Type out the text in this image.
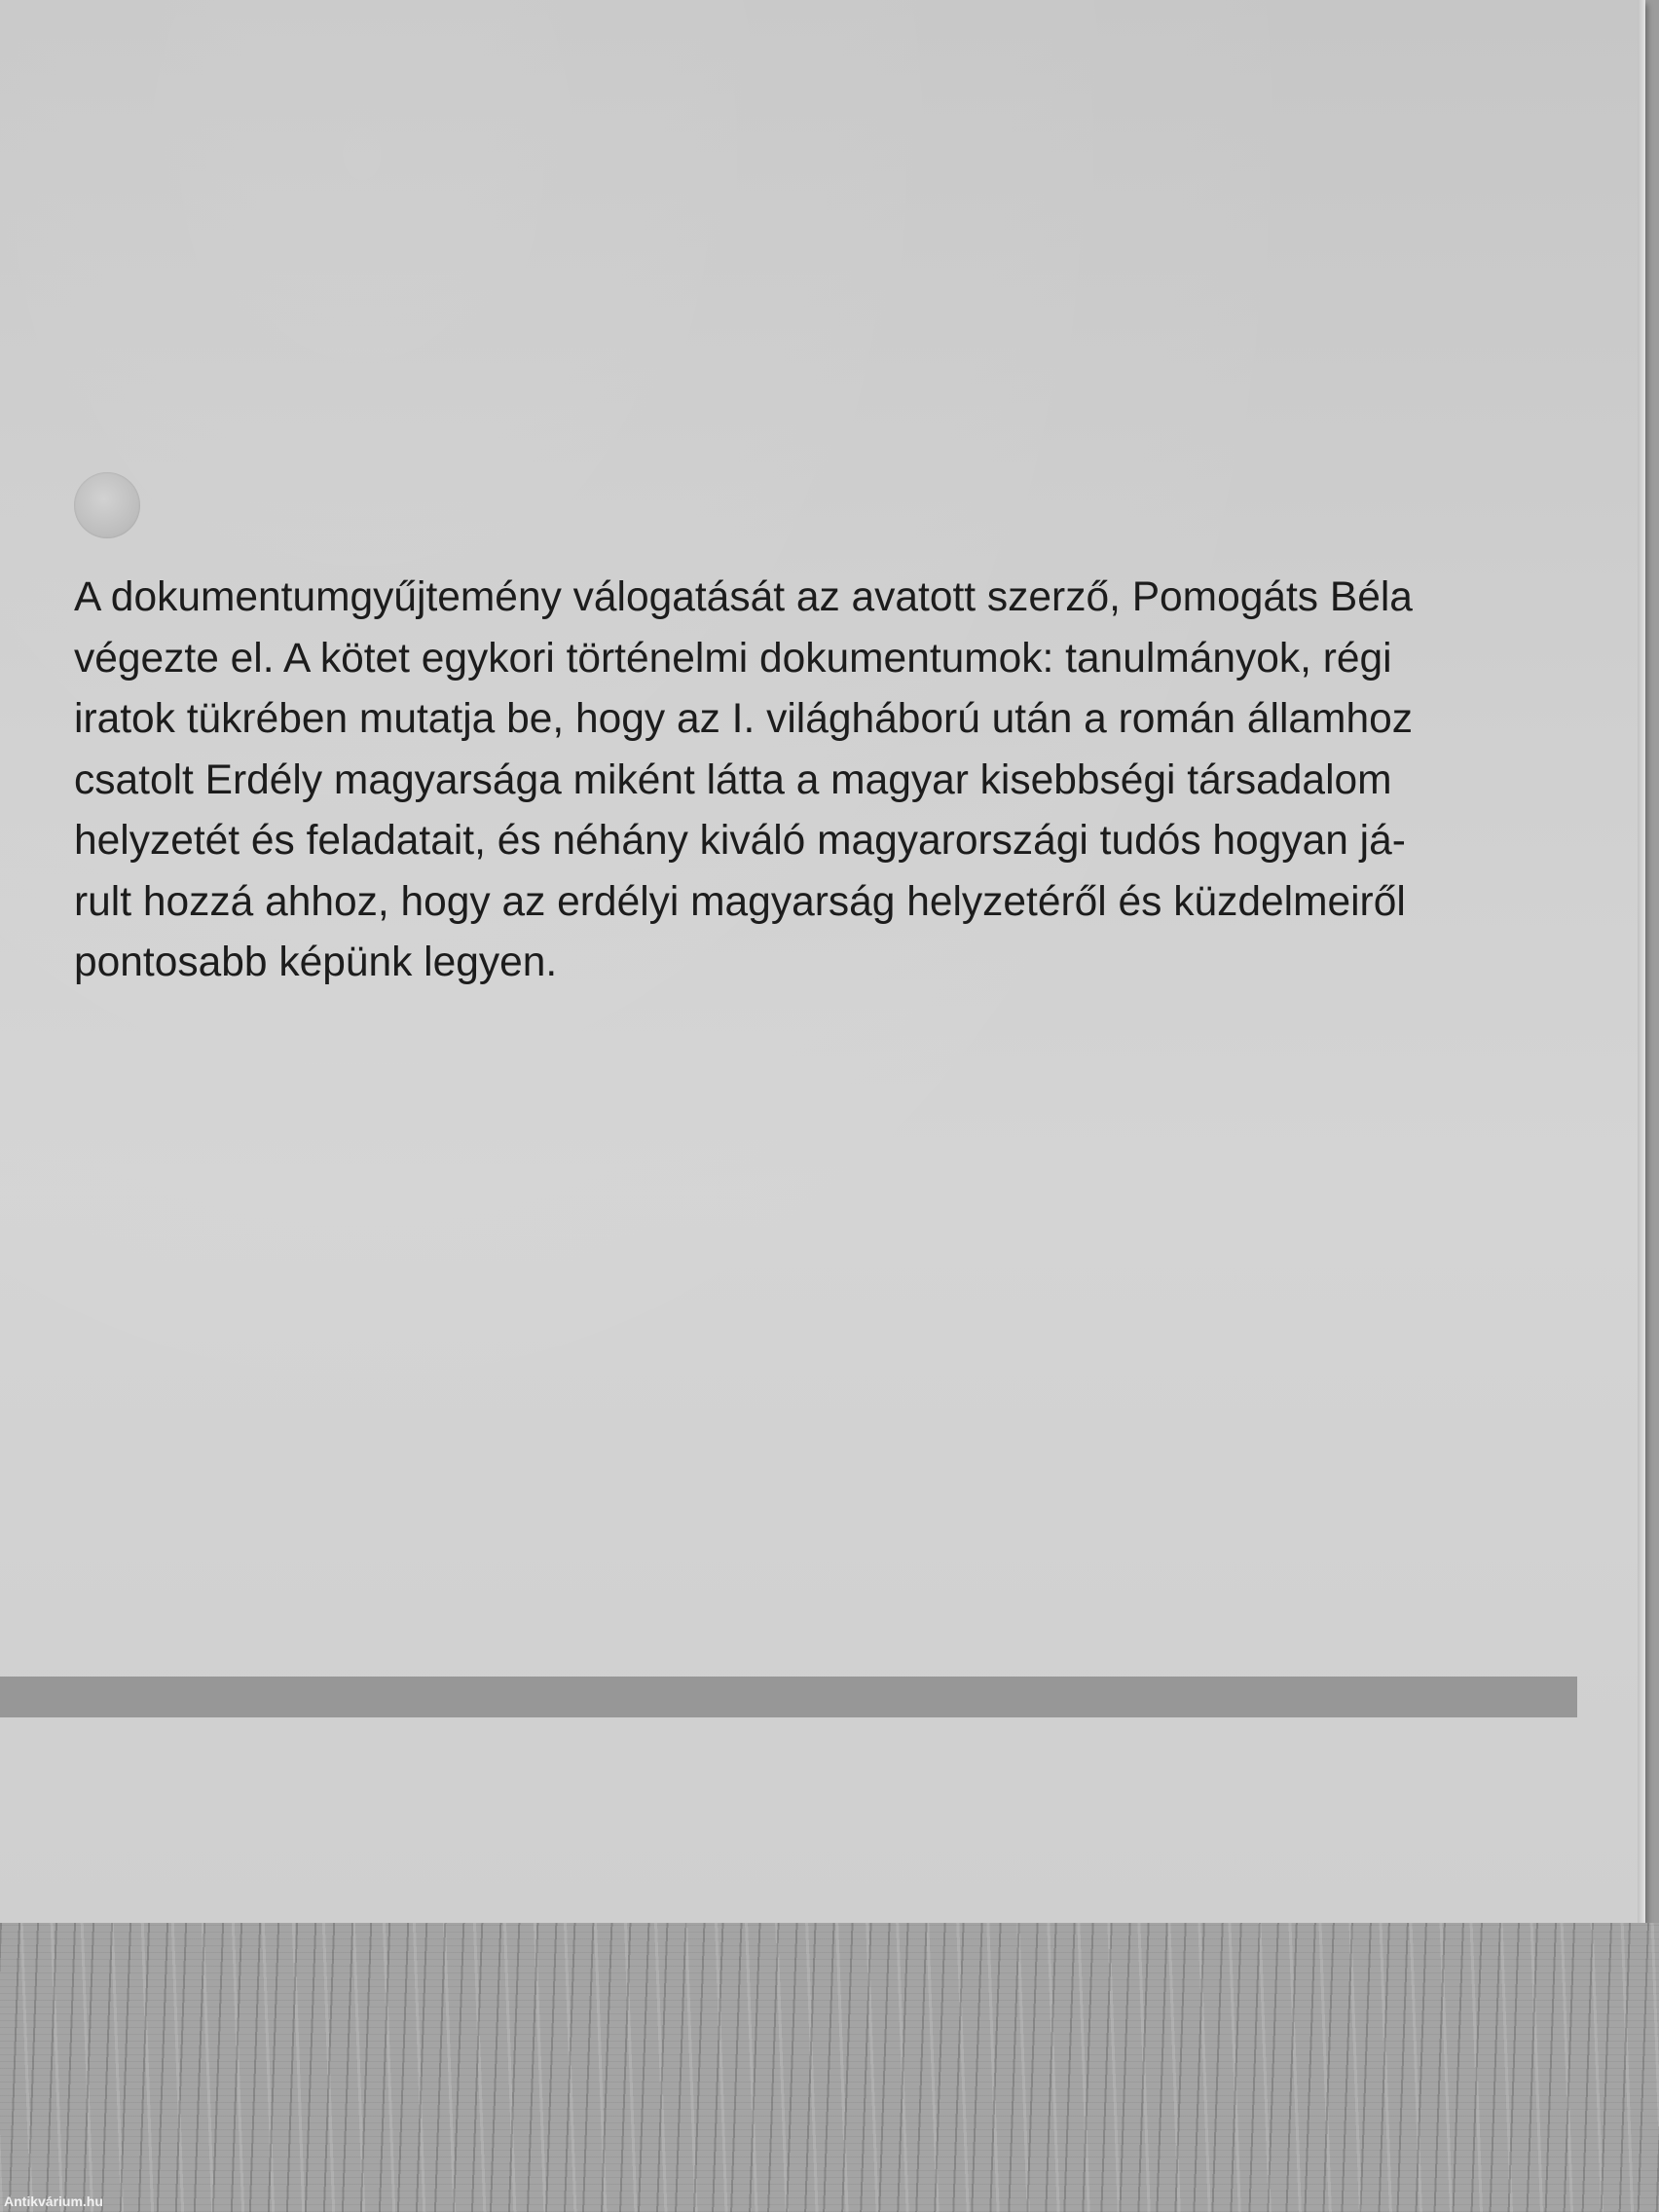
A dokumentumgyűjtemény válogatását az avatott szerző, Pomogáts Béla
végezte el. A kötet egykori történelmi dokumentumok: tanulmányok, régi
iratok tükrében mutatja be, hogy az I. világháború után a román államhoz
csatolt Erdély magyarsága miként látta a magyar kisebbségi társadalom
helyzetét és feladatait, és néhány kiváló magyarországi tudós hogyan já-
rult hozzá ahhoz, hogy az erdélyi magyarság helyzetéről és küzdelmeiről
pontosabb képünk legyen.

Antikvárium.hu
